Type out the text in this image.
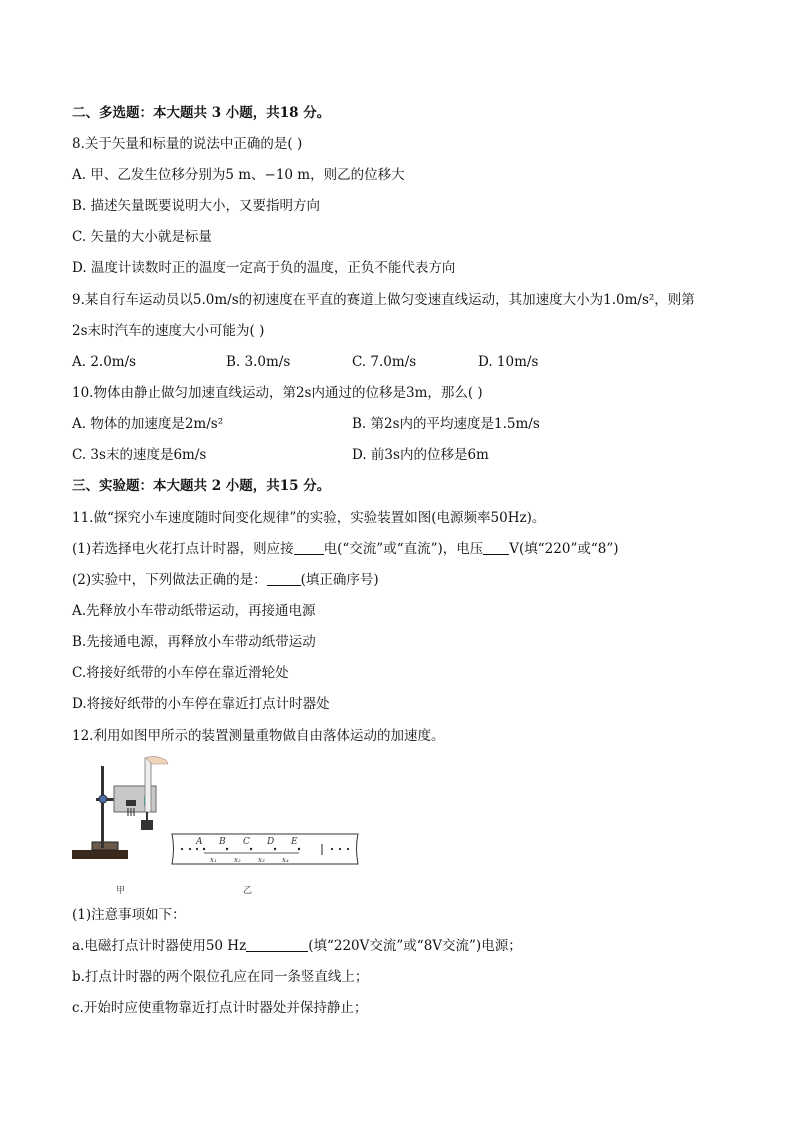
二、多选题：本大题共 3 小题，共18 分。
8.关于矢量和标量的说法中正确的是( )
A. 甲、乙发生位移分别为5 m、−10 m，则乙的位移大
B. 描述矢量既要说明大小，又要指明方向
C. 矢量的大小就是标量
D. 温度计读数时正的温度一定高于负的温度，正负不能代表方向
9.某自行车运动员以5.0m/s的初速度在平直的赛道上做匀变速直线运动，其加速度大小为1.0m/s²，则第
2s末时汽车的速度大小可能为( )
A. 2.0m/s	B. 3.0m/s	C. 7.0m/s	D. 10m/s
10.物体由静止做匀加速直线运动，第2s内通过的位移是3m，那么( )
A. 物体的加速度是2m/s²	B. 第2s内的平均速度是1.5m/s
C. 3s末的速度是6m/s	D. 前3s内的位移是6m
三、实验题：本大题共 2 小题，共15 分。
11.做“探究小车速度随时间变化规律”的实验，实验装置如图(电源频率50Hz)。
(1)若选择电火花打点计时器，则应接 电(“交流”或“直流”)，电压 V(填“220”或“8”)
(2)实验中，下列做法正确的是：	(填正确序号)
A.先释放小车带动纸带运动，再接通电源
B.先接通电源，再释放小车带动纸带运动
C.将接好纸带的小车停在靠近滑轮处
D.将接好纸带的小车停在靠近打点计时器处
12.利用如图甲所示的装置测量重物做自由落体运动的加速度。
A B C D E
x₁ x₂ x₃ x₄
甲	乙
(1)注意事项如下：
a.电磁打点计时器使用50 Hz	(填“220V交流”或“8V交流”)电源；
b.打点计时器的两个限位孔应在同一条竖直线上；
c.开始时应使重物靠近打点计时器处并保持静止；
